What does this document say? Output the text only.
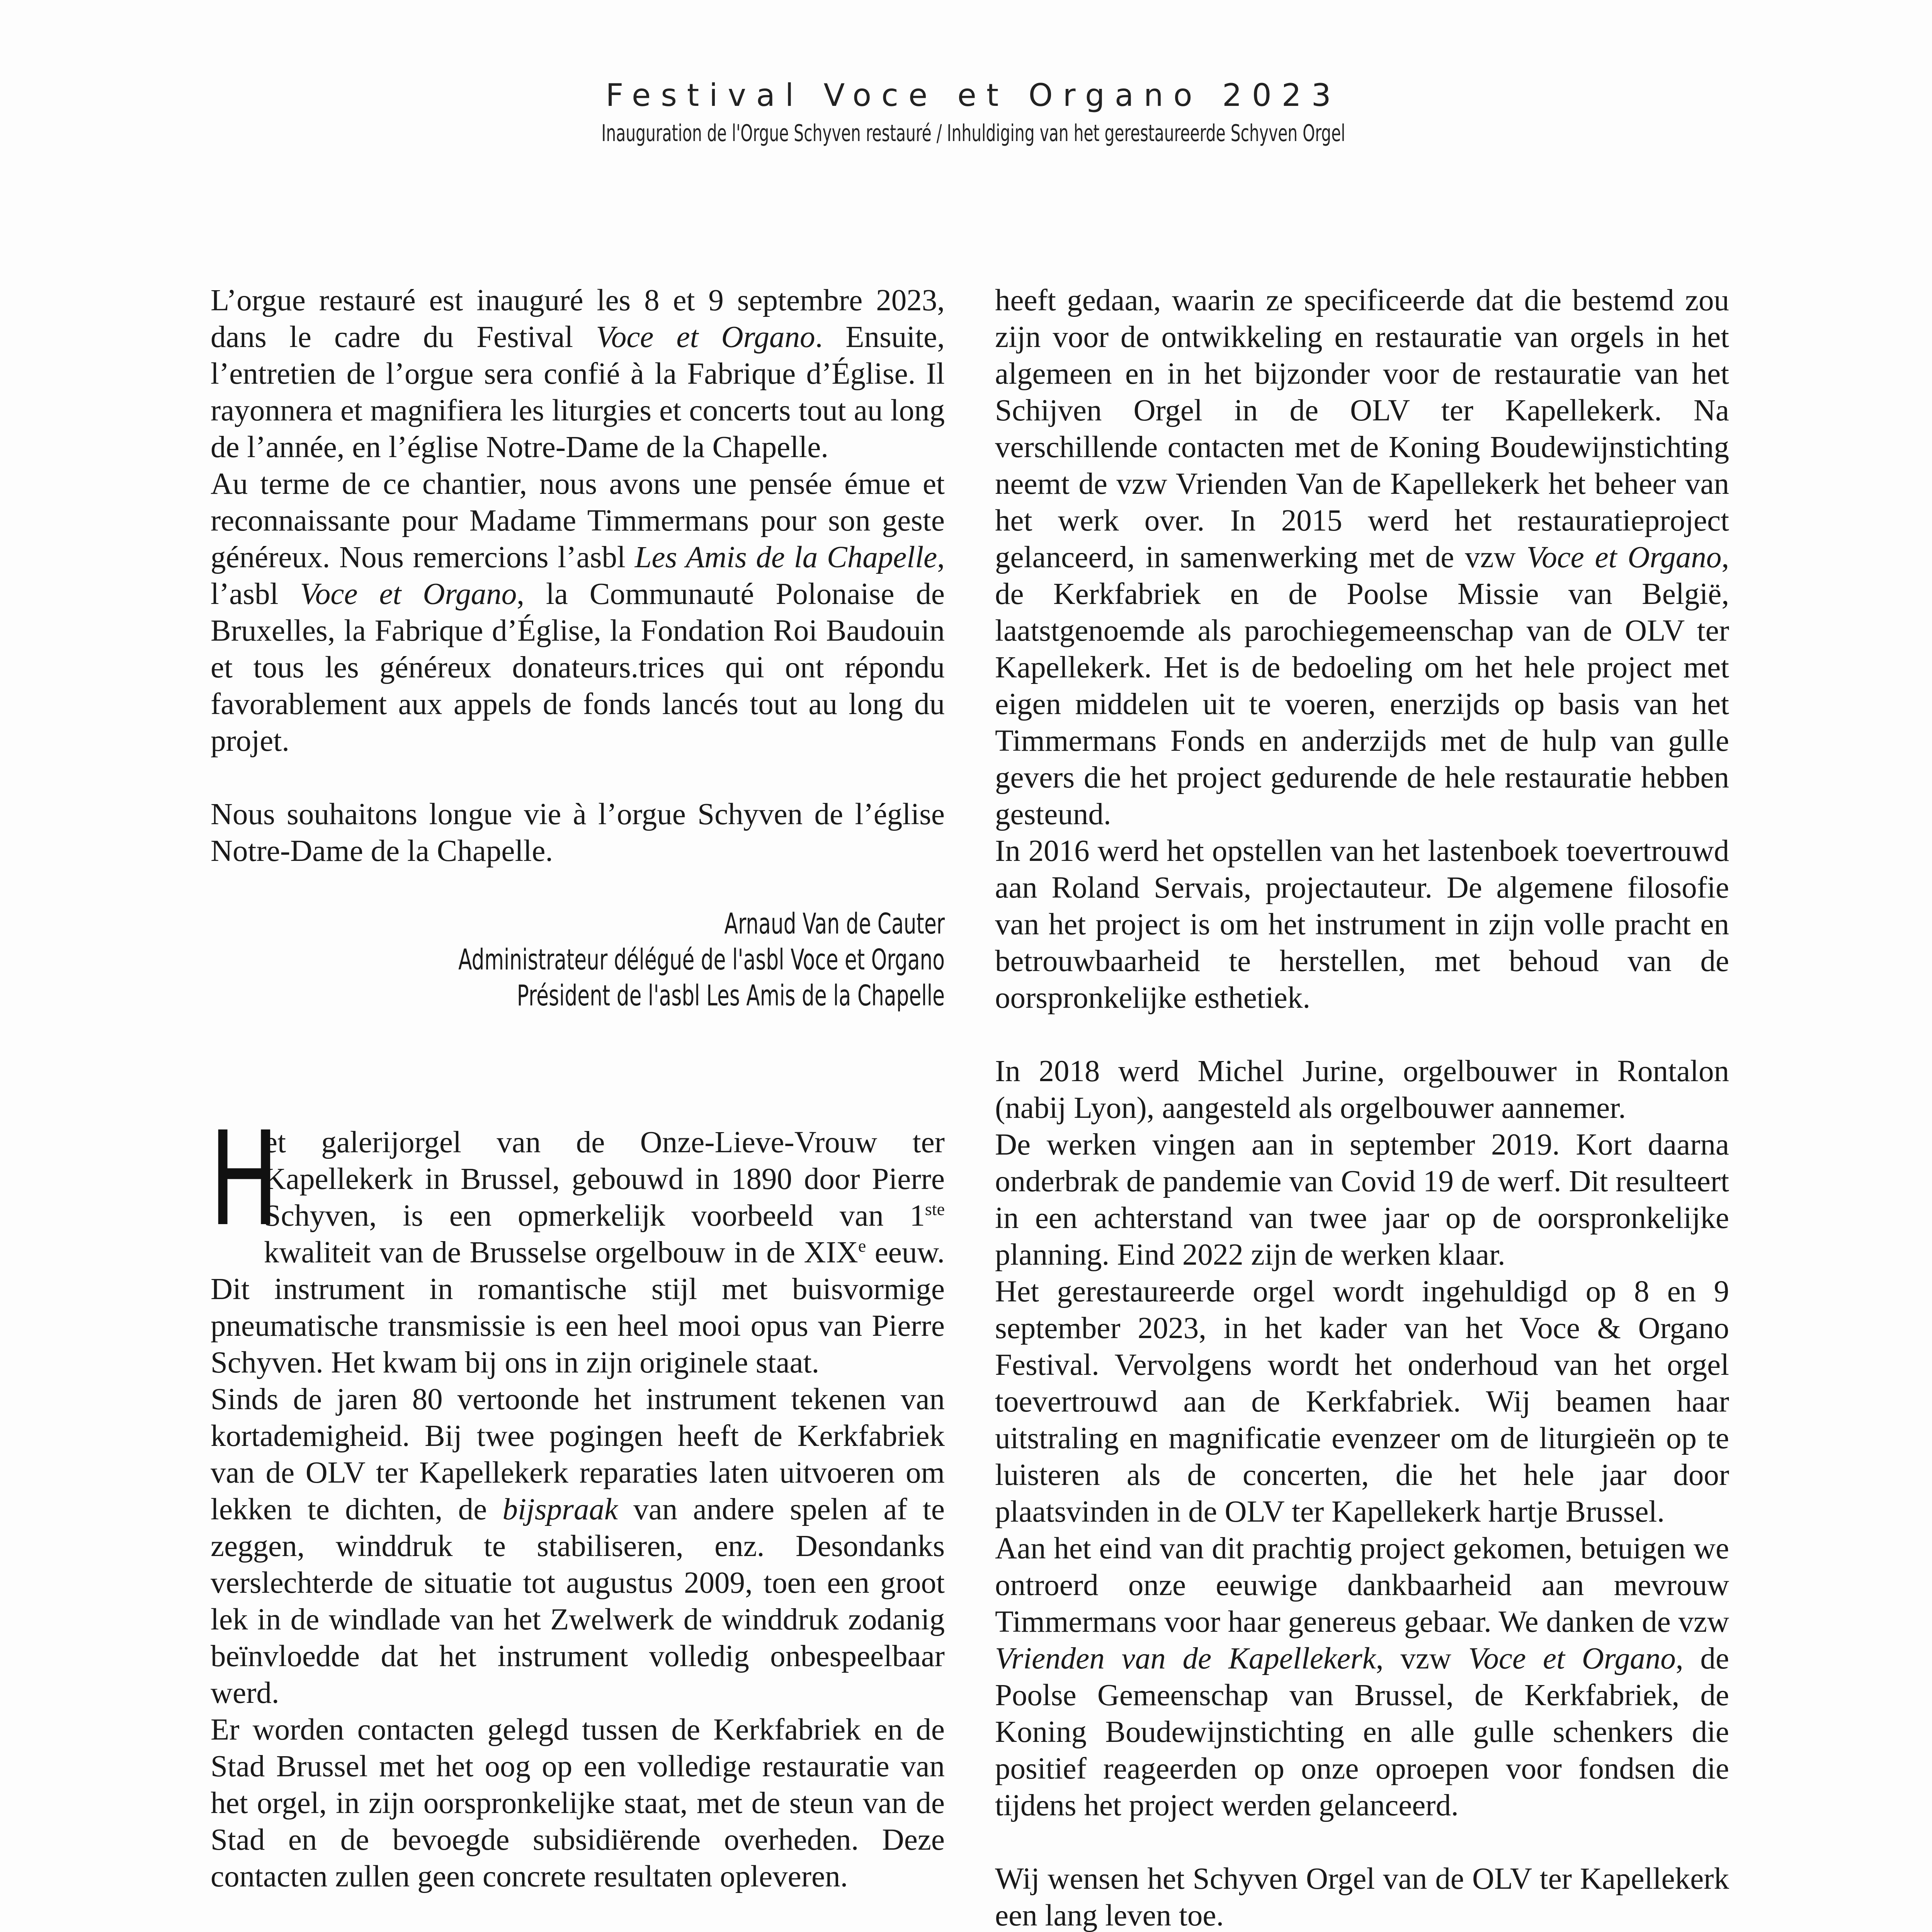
Festival Voce et Organo 2023
Inauguration de l'Orgue Schyven restauré / Inhuldiging van het gerestaureerde Schyven Orgel

L’orgue restauré est inauguré les 8 et 9 septembre 2023, dans le cadre du Festival Voce et Organo. Ensuite, l’entretien de l’orgue sera confié à la Fabrique d’Église. Il rayonnera et magnifiera les liturgies et concerts tout au long de l’année, en l’église Notre-Dame de la Chapelle.

Au terme de ce chantier, nous avons une pensée émue et reconnaissante pour Madame Timmermans pour son geste généreux. Nous remercions l’asbl Les Amis de la Chapelle, l’asbl Voce et Organo, la Communauté Polonaise de Bruxelles, la Fabrique d’Église, la Fondation Roi Baudouin et tous les généreux donateurs.trices qui ont répondu favorablement aux appels de fonds lancés tout au long du projet.

Nous souhaitons longue vie à l’orgue Schyven de l’église Notre-Dame de la Chapelle.

Arnaud Van de Cauter

Administrateur délégué de l'asbl Voce et Organo

Président de l'asbl Les Amis de la Chapelle

H
et galerijorgel van de Onze-Lieve-Vrouw ter Kapellekerk in Brussel, gebouwd in 1890 door Pierre Schyven, is een opmerkelijk voorbeeld van 1ste kwaliteit van de Brusselse orgelbouw in de XIXe eeuw. Dit instrument in romantische stijl met buisvormige pneumatische transmissie is een heel mooi opus van Pierre Schyven. Het kwam bij ons in zijn originele staat.

Sinds de jaren 80 vertoonde het instrument tekenen van kortademigheid. Bij twee pogingen heeft de Kerkfabriek van de OLV ter Kapellekerk reparaties laten uitvoeren om lekken te dichten, de bijspraak van andere spelen af te zeggen, winddruk te stabiliseren, enz. Desondanks verslechterde de situatie tot augustus 2009, toen een groot lek in de windlade van het Zwelwerk de winddruk zodanig beïnvloedde dat het instrument volledig onbespeelbaar werd.

Er worden contacten gelegd tussen de Kerkfabriek en de Stad Brussel met het oog op een volledige restauratie van het orgel, in zijn oorspronkelijke staat, met de steun van de Stad en de bevoegde subsidiërende overheden. Deze contacten zullen geen concrete resultaten opleveren.

heeft gedaan, waarin ze specificeerde dat die bestemd zou zijn voor de ontwikkeling en restauratie van orgels in het algemeen en in het bijzonder voor de restauratie van het Schijven Orgel in de OLV ter Kapellekerk. Na verschillende contacten met de Koning Boudewijnstichting neemt de vzw Vrienden Van de Kapellekerk het beheer van het werk over. In 2015 werd het restauratieproject gelanceerd, in samenwerking met de vzw Voce et Organo, de Kerkfabriek en de Poolse Missie van België, laatstgenoemde als parochiegemeenschap van de OLV ter Kapellekerk. Het is de bedoeling om het hele project met eigen middelen uit te voeren, enerzijds op basis van het Timmermans Fonds en anderzijds met de hulp van gulle gevers die het project gedurende de hele restauratie hebben gesteund.

In 2016 werd het opstellen van het lastenboek toevertrouwd aan Roland Servais, projectauteur. De algemene filosofie van het project is om het instrument in zijn volle pracht en betrouwbaarheid te herstellen, met behoud van de oorspronkelijke esthetiek.

In 2018 werd Michel Jurine, orgelbouwer in Rontalon (nabij Lyon), aangesteld als orgelbouwer aannemer.

De werken vingen aan in september 2019. Kort daarna onderbrak de pandemie van Covid 19 de werf. Dit resulteert in een achterstand van twee jaar op de oorspronkelijke planning. Eind 2022 zijn de werken klaar.

Het gerestaureerde orgel wordt ingehuldigd op 8 en 9 september 2023, in het kader van het Voce & Organo Festival. Vervolgens wordt het onderhoud van het orgel toevertrouwd aan de Kerkfabriek. Wij beamen haar uitstraling en magnificatie evenzeer om de liturgieën op te luisteren als de concerten, die het hele jaar door plaatsvinden in de OLV ter Kapellekerk hartje Brussel.

Aan het eind van dit prachtig project gekomen, betuigen we ontroerd onze eeuwige dankbaarheid aan mevrouw Timmermans voor haar genereus gebaar. We danken de vzw Vrienden van de Kapellekerk, vzw Voce et Organo, de Poolse Gemeenschap van Brussel, de Kerkfabriek, de Koning Boudewijnstichting en alle gulle schenkers die positief reageerden op onze oproepen voor fondsen die tijdens het project werden gelanceerd.

Wij wensen het Schyven Orgel van de OLV ter Kapellekerk een lang leven toe.
